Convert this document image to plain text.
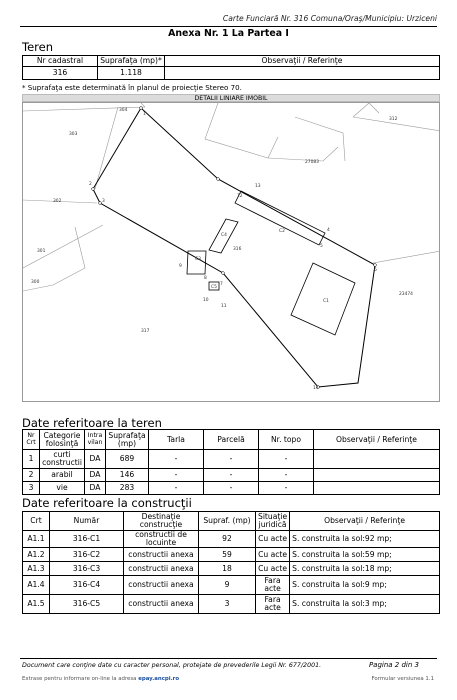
Carte Funciară Nr. 316 Comuna/Oraş/Municipiu: Urziceni
Anexa Nr. 1 La Partea I
Teren
Nr cadastral	Suprafaţa (mp)*	Observaţii / Referinţe
316	1.118	
* Suprafaţa este determinată în planul de proiecţie Stereo 70.
DETALII LINIARE IMOBIL
304
303
302
301
300
317
312
27083
23474
316
C1
C2
C3
C4
C5
1
2
3
4
5
6
7
8
9
10
11
12
13
14
Date referitoare la teren
Nr Crt	Categorie folosinţă	Intra vilan	Suprafaţa (mp)	Tarla	Parcelă	Nr. topo	Observaţii / Referinţe
1	curti constructii	DA	689	-	-	-	
2	arabil	DA	146	-	-	-	
3	vie	DA	283	-	-	-	
Date referitoare la construcţii
Crt	Număr	Destinaţie construcţie	Supraf. (mp)	Situaţie juridică	Observaţii / Referinţe
A1.1	316-C1	constructii de locuinte	92	Cu acte	S. construita la sol:92 mp;
A1.2	316-C2	constructii anexa	59	Cu acte	S. construita la sol:59 mp;
A1.3	316-C3	constructii anexa	18	Cu acte	S. construita la sol:18 mp;
A1.4	316-C4	constructii anexa	9	Fara acte	S. construita la sol:9 mp;
A1.5	316-C5	constructii anexa	3	Fara acte	S. construita la sol:3 mp;
Document care conţine date cu caracter personal, protejate de prevederile Legii Nr. 677/2001.	Pagina 2 din 3
Extrase pentru informare on-line la adresa epay.ancpi.ro	Formular versiunea 1.1
